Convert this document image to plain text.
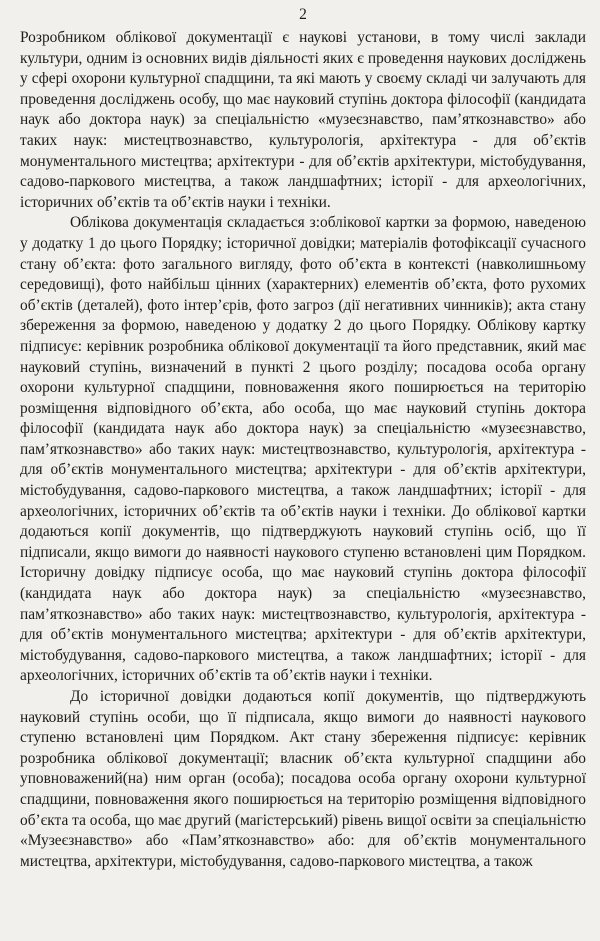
2

Розробником облікової документації є наукові установи, в тому числі заклади культури, одним із основних видів діяльності яких є проведення наукових досліджень у сфері охорони культурної спадщини, та які мають у своєму складі чи залучають для проведення досліджень особу, що має науковий ступінь доктора філософії (кандидата наук або доктора наук) за спеціальністю «музеєзнавство, пам’яткознавство» або таких наук: мистецтвознавство, культурологія, архітектура - для об’єктів монументального мистецтва; архітектури - для об’єктів архітектури, містобудування, садово-паркового мистецтва, а також ландшафтних; історії - для археологічних, історичних об’єктів та об’єктів науки і техніки.

Облікова документація складається з:облікової картки за формою, наведеною у додатку 1 до цього Порядку; історичної довідки; матеріалів фотофіксації сучасного стану об’єкта: фото загального вигляду, фото об’єкта в контексті (навколишньому середовищі), фото найбільш цінних (характерних) елементів об’єкта, фото рухомих об’єктів (деталей), фото інтер’єрів, фото загроз (дії негативних чинників); акта стану збереження за формою, наведеною у додатку 2 до цього Порядку. Облікову картку підписує: керівник розробника облікової документації та його представник, який має науковий ступінь, визначений в пункті 2 цього розділу; посадова особа органу охорони культурної спадщини, повноваження якого поширюється на територію розміщення відповідного об’єкта, або особа, що має науковий ступінь доктора філософії (кандидата наук або доктора наук) за спеціальністю «музеєзнавство, пам’яткознавство» або таких наук: мистецтвознавство, культурологія, архітектура - для об’єктів монументального мистецтва; архітектури - для об’єктів архітектури, містобудування, садово-паркового мистецтва, а також ландшафтних; історії - для археологічних, історичних об’єктів та об’єктів науки і техніки. До облікової картки додаються копії документів, що підтверджують науковий ступінь осіб, що її підписали, якщо вимоги до наявності наукового ступеню встановлені цим Порядком. Історичну довідку підписує особа, що має науковий ступінь доктора філософії (кандидата наук або доктора наук) за спеціальністю «музеєзнавство, пам’яткознавство» або таких наук: мистецтвознавство, культурологія, архітектура - для об’єктів монументального мистецтва; архітектури - для об’єктів архітектури, містобудування, садово-паркового мистецтва, а також ландшафтних; історії - для археологічних, історичних об’єктів та об’єктів науки і техніки.

До історичної довідки додаються копії документів, що підтверджують науковий ступінь особи, що її підписала, якщо вимоги до наявності наукового ступеню встановлені цим Порядком. Акт стану збереження підписує: керівник розробника облікової документації; власник об’єкта культурної спадщини або уповноважений(на) ним орган (особа); посадова особа органу охорони культурної спадщини, повноваження якого поширюється на територію розміщення відповідного об’єкта та особа, що має другий (магістерський) рівень вищої освіти за спеціальністю «Музеєзнавство» або «Пам’яткознавство» або: для об’єктів монументального мистецтва, архітектури, містобудування, садово-паркового мистецтва, а також
